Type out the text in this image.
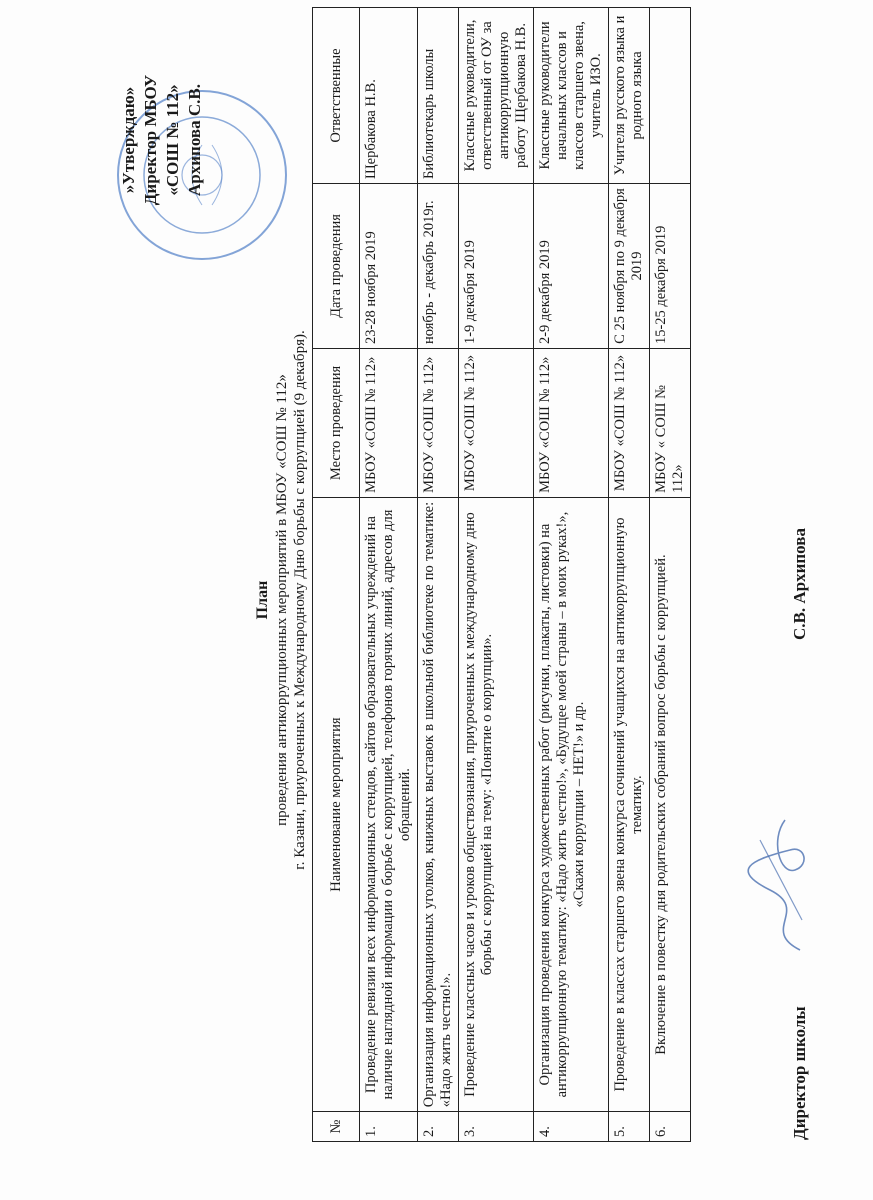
»Утверждаю» Директор МБОУ «СОШ № 112» Архипова С.В.
План проведения антикоррупционных мероприятий в МБОУ «СОШ № 112» г. Казани, приуроченных к Международному Дню борьбы с коррупцией (9 декабря).
№	Наименование мероприятия	Место проведения	Дата проведения	Ответственные
1.	Проведение ревизии всех информационных стендов, сайтов образовательных учреждений на наличие наглядной информации о борьбе с коррупцией, телефонов горячих линий, адресов для обращений.	МБОУ «СОШ № 112»	23-28 ноября 2019	Щербакова Н.В.
2.	Организация информационных уголков, книжных выставок в школьной библиотеке по тематике: «Надо жить честно!».	МБОУ «СОШ № 112»	ноябрь - декабрь 2019г.	Библиотекарь школы
3.	Проведение классных часов и уроков обществознания, приуроченных к международному дню борьбы с коррупцией на тему: «Понятие о коррупции».	МБОУ «СОШ № 112»	1-9 декабря 2019	Классные руководители, ответственный от ОУ за антикоррупционную работу Щербакова Н.В.
4.	Организация проведения конкурса художественных работ (рисунки, плакаты, листовки) на антикоррупционную тематику: «Надо жить честно!», «Будущее моей страны – в моих руках!», «Скажи коррупции – НЕТ!» и др.	МБОУ «СОШ № 112»	2-9 декабря 2019	Классные руководители начальных классов и классов старшего звена, учитель ИЗО.
5.	Проведение в классах старшего звена конкурса сочинений учащихся на антикоррупционную тематику.	МБОУ «СОШ № 112»	С 25 ноября по 9 декабря 2019	Учителя русского языка и родного языка
6.	Включение в повестку дня родительских собраний вопрос борьбы с коррупцией.	МБОУ « СОШ № 112»	15-25 декабря 2019	
Директор школы
С.В. Архипова
